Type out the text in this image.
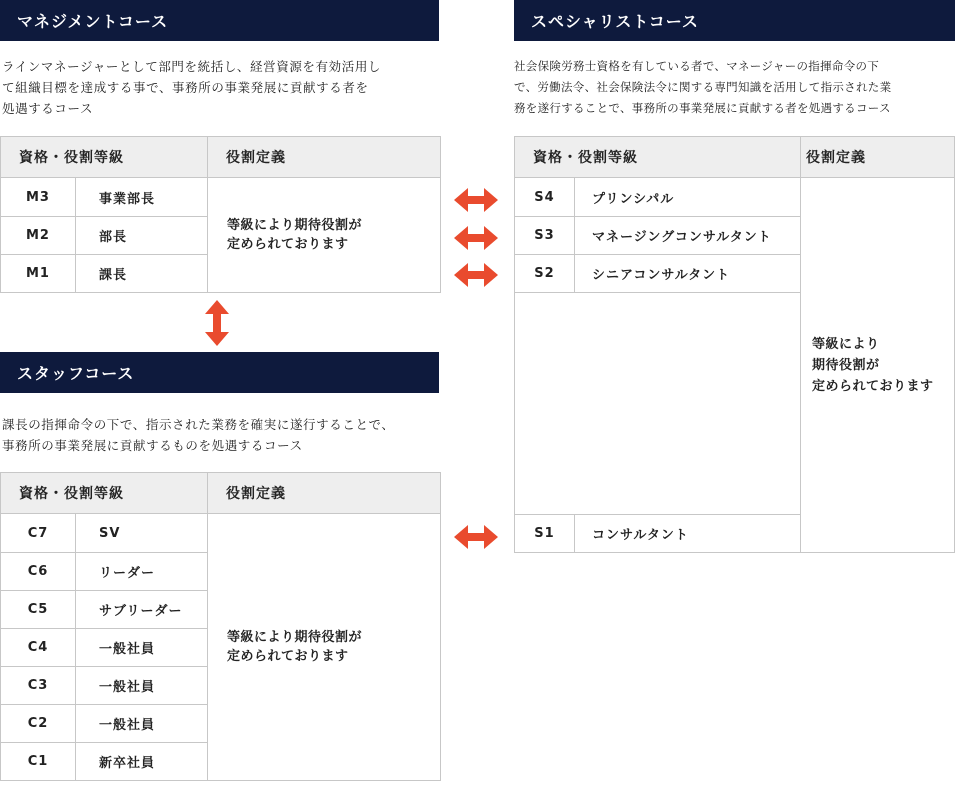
マネジメントコース

ラインマネージャーとして部門を統括し、経営資源を有効活用し
て組織目標を達成する事で、事務所の事業発展に貢献する者を
処遇するコース

資格・役割等級		役割定義
M3	事業部長	等級により期待役割が
定められております
M2	部長	
M1	課長	
スタッフコース

課長の指揮命令の下で、指示された業務を確実に遂行することで、
事務所の事業発展に貢献するものを処遇するコース

資格・役割等級		役割定義
C7	SV	等級により期待役割が
定められております
C6	リーダー	
C5	サブリーダー	
C4	一般社員	
C3	一般社員	
C2	一般社員	
C1	新卒社員	
スペシャリストコース

社会保険労務士資格を有している者で、マネージャーの指揮命令の下
で、労働法令、社会保険法令に関する専門知識を活用して指示された業
務を遂行することで、事務所の事業発展に貢献する者を処遇するコース

資格・役割等級		役割定義
S4	プリンシパル	等級により
期待役割が
定められております
S3	マネージングコンサルタント	
S2	シニアコンサルタント	

S1	コンサルタント	
